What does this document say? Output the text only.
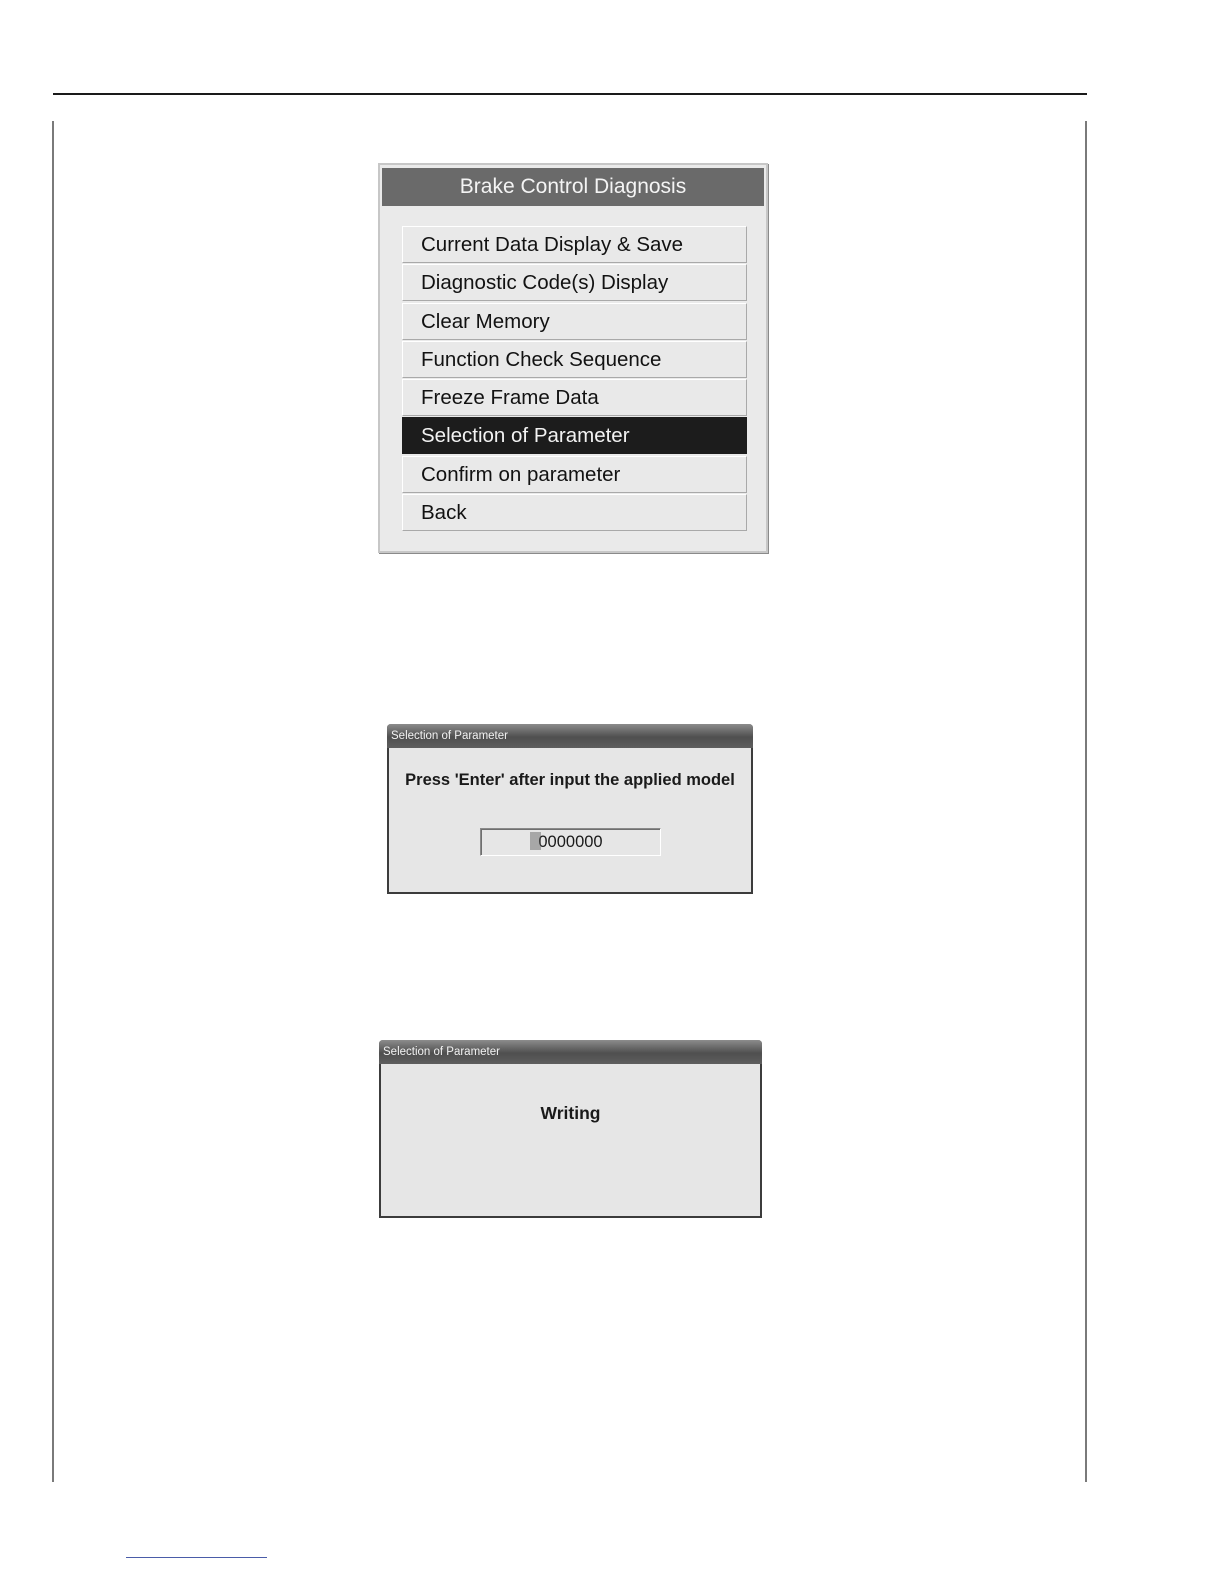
Brake Control Diagnosis
Current Data Display & Save
Diagnostic Code(s) Display
Clear Memory
Function Check Sequence
Freeze Frame Data
Selection of Parameter
Confirm on parameter
Back
Selection of Parameter
Press 'Enter' after input the applied model
0000000
Selection of Parameter
Writing
